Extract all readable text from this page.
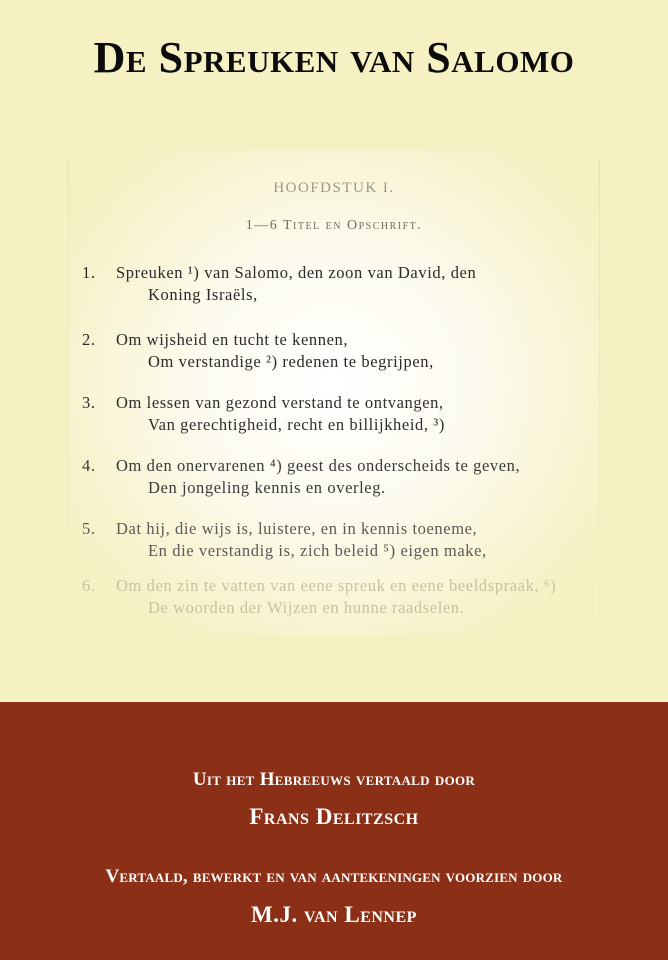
De Spreuken van Salomo
HOOFDSTUK I.
1—6 Titel en Opschrift.
1.	Spreuken ¹) van Salomo, den zoon van David, den
Koning Israëls,
2.	Om wijsheid en tucht te kennen,
Om verstandige ²) redenen te begrijpen,
3.	Om lessen van gezond verstand te ontvangen,
Van gerechtigheid, recht en billijkheid, ³)
4.	Om den onervarenen ⁴) geest des onderscheids te geven,
Den jongeling kennis en overleg.
5.	Dat hij, die wijs is, luistere, en in kennis toeneme,
En die verstandig is, zich beleid ⁵) eigen make,
6.	Om den zin te vatten van eene spreuk en eene beeldspraak, ⁶)
De woorden der Wijzen en hunne raadselen.
Uit het Hebreeuws vertaald door
Frans Delitzsch
Vertaald, bewerkt en van aantekeningen voorzien door
M.J. van Lennep
